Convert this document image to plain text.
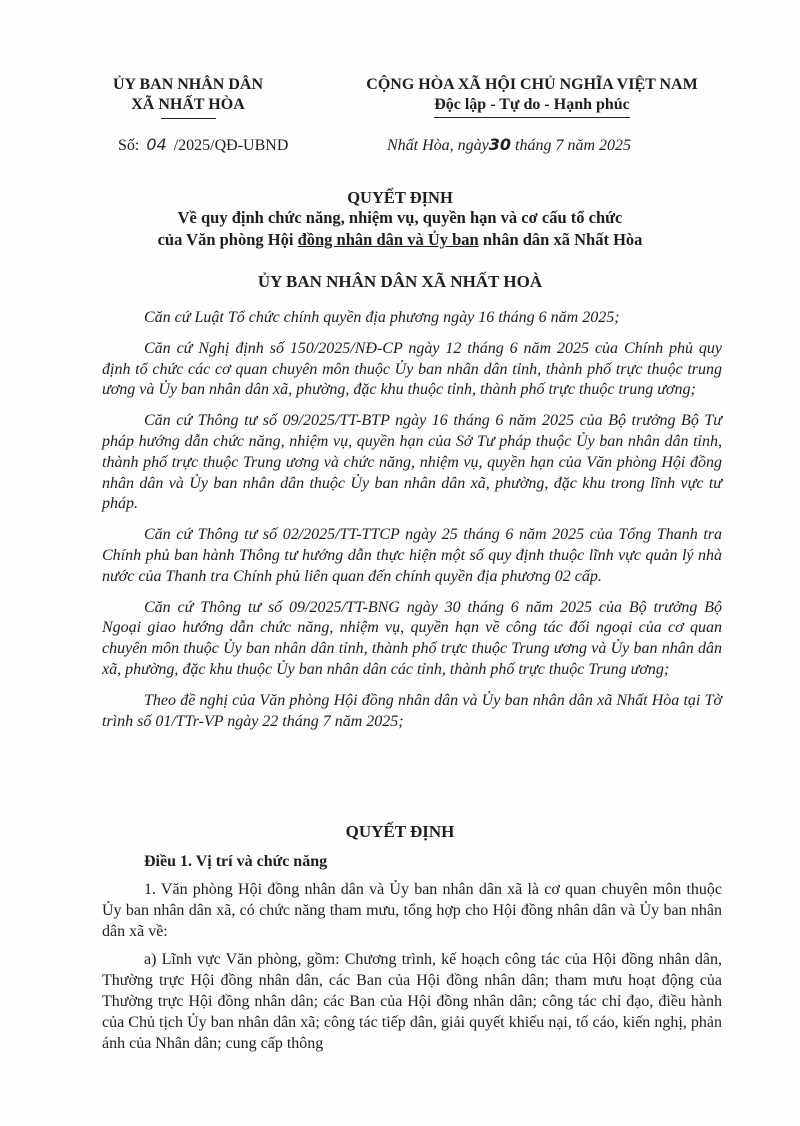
ỦY BAN NHÂN DÂN
XÃ NHẤT HÒA
CỘNG HÒA XÃ HỘI CHỦ NGHĨA VIỆT NAM
Độc lập - Tự do - Hạnh phúc
Số: 04 /2025/QĐ-UBND	Nhất Hòa, ngày30 tháng 7 năm 2025
QUYẾT ĐỊNH
Về quy định chức năng, nhiệm vụ, quyền hạn và cơ cấu tổ chức
của Văn phòng Hội đồng nhân dân và Ủy ban nhân dân xã Nhất Hòa
ỦY BAN NHÂN DÂN XÃ NHẤT HOÀ

Căn cứ Luật Tổ chức chính quyền địa phương ngày 16 tháng 6 năm 2025;

Căn cứ Nghị định số 150/2025/NĐ-CP ngày 12 tháng 6 năm 2025 của Chính phủ quy định tổ chức các cơ quan chuyên môn thuộc Ủy ban nhân dân tỉnh, thành phố trực thuộc trung ương và Ủy ban nhân dân xã, phường, đặc khu thuộc tỉnh, thành phố trực thuộc trung ương;

Căn cứ Thông tư số 09/2025/TT-BTP ngày 16 tháng 6 năm 2025 của Bộ trưởng Bộ Tư pháp hướng dẫn chức năng, nhiệm vụ, quyền hạn của Sở Tư pháp thuộc Ủy ban nhân dân tỉnh, thành phố trực thuộc Trung ương và chức năng, nhiệm vụ, quyền hạn của Văn phòng Hội đồng nhân dân và Ủy ban nhân dân thuộc Ủy ban nhân dân xã, phường, đặc khu trong lĩnh vực tư pháp.

Căn cứ Thông tư số 02/2025/TT-TTCP ngày 25 tháng 6 năm 2025 của Tổng Thanh tra Chính phủ ban hành Thông tư hướng dẫn thực hiện một số quy định thuộc lĩnh vực quản lý nhà nước của Thanh tra Chính phủ liên quan đến chính quyền địa phương 02 cấp.

Căn cứ Thông tư số 09/2025/TT-BNG ngày 30 tháng 6 năm 2025 của Bộ trưởng Bộ Ngoại giao hướng dẫn chức năng, nhiệm vụ, quyền hạn về công tác đối ngoại của cơ quan chuyên môn thuộc Ủy ban nhân dân tỉnh, thành phố trực thuộc Trung ương và Ủy ban nhân dân xã, phường, đặc khu thuộc Ủy ban nhân dân các tỉnh, thành phố trực thuộc Trung ương;

Theo đề nghị của Văn phòng Hội đồng nhân dân và Ủy ban nhân dân xã Nhất Hòa tại Tờ trình số 01/TTr-VP ngày 22 tháng 7 năm 2025;

QUYẾT ĐỊNH
Điều 1. Vị trí và chức năng

1. Văn phòng Hội đồng nhân dân và Ủy ban nhân dân xã là cơ quan chuyên môn thuộc Ủy ban nhân dân xã, có chức năng tham mưu, tổng hợp cho Hội đồng nhân dân và Ủy ban nhân dân xã về:

a) Lĩnh vực Văn phòng, gồm: Chương trình, kế hoạch công tác của Hội đồng nhân dân, Thường trực Hội đồng nhân dân, các Ban của Hội đồng nhân dân; tham mưu hoạt động của Thường trực Hội đồng nhân dân; các Ban của Hội đồng nhân dân; công tác chỉ đạo, điều hành của Chủ tịch Ủy ban nhân dân xã; công tác tiếp dân, giải quyết khiếu nại, tố cáo, kiến nghị, phản ánh của Nhân dân; cung cấp thông
